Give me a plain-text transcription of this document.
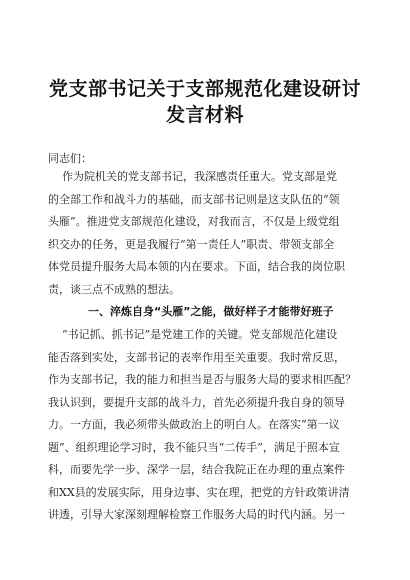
党支部书记关于支部规范化建设研讨
发言材料
同志们：
作为院机关的党支部书记，我深感责任重大。党支部是党
的全部工作和战斗力的基础，而支部书记则是这支队伍的“领
头雁”。推进党支部规范化建设，对我而言，不仅是上级党组
织交办的任务，更是我履行“第一责任人”职责、带领支部全
体党员提升服务大局本领的内在要求。下面，结合我的岗位职
责，谈三点不成熟的想法。
一、淬炼自身“头雁”之能，做好样子才能带好班子
“书记抓、抓书记”是党建工作的关键。党支部规范化建设
能否落到实处，支部书记的表率作用至关重要。我时常反思，
作为支部书记，我的能力和担当是否与服务大局的要求相匹配？
我认识到，要提升支部的战斗力，首先必须提升我自身的领导
力。一方面，我必须带头做政治上的明白人。在落实“第一议
题”、组织理论学习时，我不能只当“二传手”，满足于照本宣
科，而要先学一步、深学一层，结合我院正在办理的重点案件
和XX县的发展实际，用身边事、实在理，把党的方针政策讲清
讲透，引导大家深刻理解检察工作服务大局的时代内涵。另一
